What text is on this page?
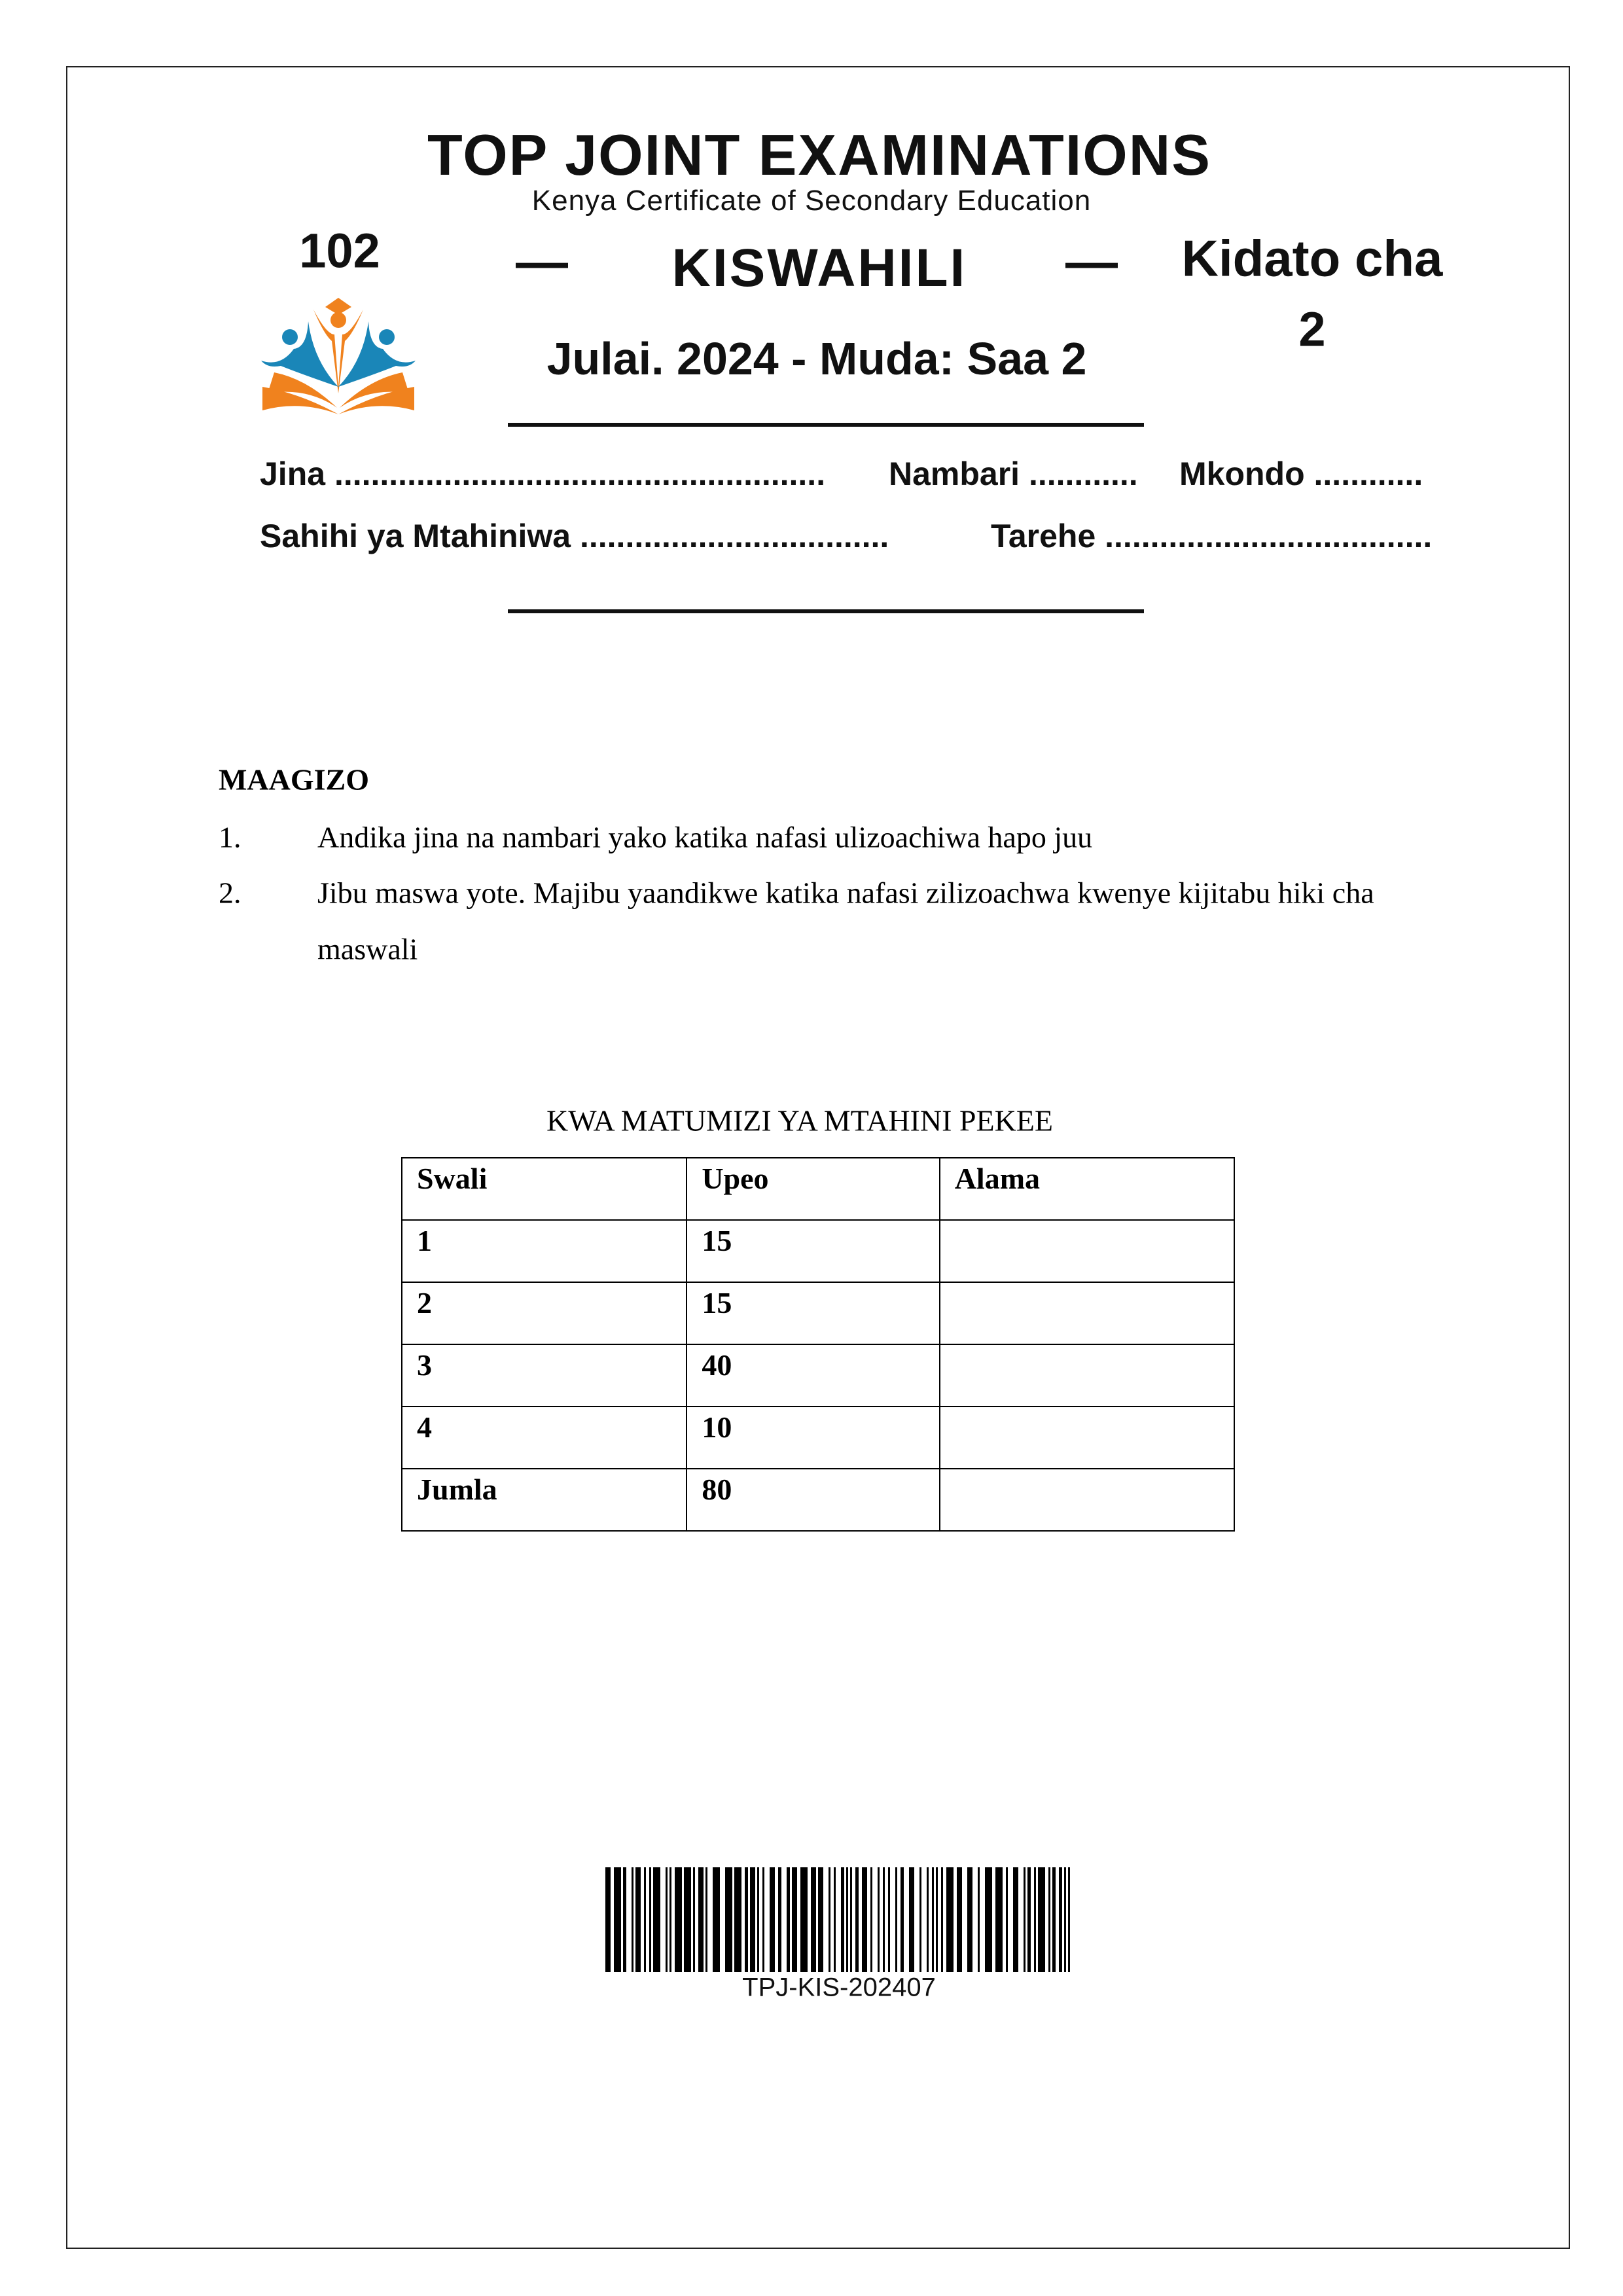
TOP JOINT EXAMINATIONS
Kenya Certificate of Secondary Education
102	— KISWAHILI — Kidato cha
2
Julai. 2024 - Muda: Saa 2
Jina ...................................................... Nambari ............ Mkondo ............
Sahihi ya Mtahiniwa ..................................	Tarehe ....................................
MAAGIZO
1.	Andika jina na nambari yako katika nafasi ulizoachiwa hapo juu
2.	Jibu maswa yote. Majibu yaandikwe katika nafasi zilizoachwa kwenye kijitabu hiki cha
maswali
KWA MATUMIZI YA MTAHINI PEKEE
Swali	Upeo	Alama
1	15	
2	15	
3	40	
4	10	
Jumla	80	
TPJ-KIS-202407
